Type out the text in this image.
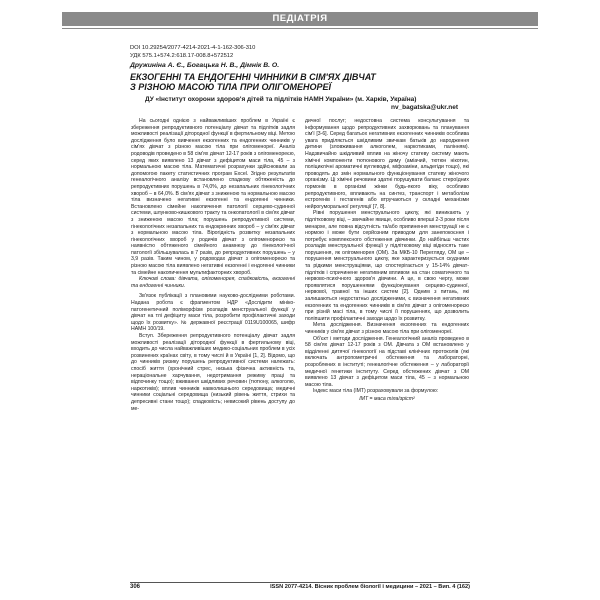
ПЕДІАТРІЯ
DOI 10.29254/2077-4214-2021-4-1-162-306-310
УДК 575.1+574.2:618.17-008.8+572512
Дружиніна А. Є., Богацька Н. В., Дімнік В. О.
ЕКЗОГЕННІ ТА ЕНДОГЕННІ ЧИННИКИ В СІМ'ЯХ ДІВЧАТ
З РІЗНОЮ МАСОЮ ТІЛА ПРИ ОЛІГОМЕНОРЕЇ
ДУ «Інститут охорони здоров'я дітей та підлітків НАМН України» (м. Харків, Україна)
nv_bagatska@ukr.net

На сьогодні однією з найважливіших проблем в Україні є збереження репродуктивного потенціалу дівчат та підлітків задля можливості реалізації дітородної функції в фертильному віці. Метою дослідження було вивчення екзогенних та ендогенних чинників у сім'ях дівчат з різною масою тіла при олігоменореї. Аналіз родоводів проведено в 58 сім'ях дівчат 12-17 років з олігоменореєю, серед яких виявлено 13 дівчат з дефіцитом маси тіла, 45 – з нормальною масою тіла. Математичні розрахунки здійснювали за допомогою пакету статистичних програм Excel. Згідно результатів генеалогічного аналізу встановлено спадкову обтяженість до репродуктивних порушень в 74,0%, до незапальних гінекологічних хвороб – в 64,0%. В сім'ях дівчат з зниженою та нормальною масою тіла визначено негативні екзогенні та ендогенні чинники. Встановлено сімейне накопичення патології серцево-судинної системи, шлунково-кишкового тракту та онкопатології в сім'ях дівчат з зниженою масою тіла; порушень репродуктивної системи, гінекологічних незапальних та ендокринних хвороб – у сім'ях дівчат з нормальною масою тіла. Вірогідність розвитку незапальних гінекологічних хвороб у родичів дівчат з олігоменореєю та наявністю обтяженого сімейного анамнезу до гінекологічної патології збільшувалась в 7 разів, до репродуктивних порушень – у 3,9 разів. Таким чином, у родоводах дівчат з олігоменореєю та різною масою тіла виявлено негативні екзогенні і ендогенні чинники та сімейне накопичення мультифакторних хвороб.

Ключові слова: дівчата, олігоменорея, спадковість, екзогенні та ендогенні чинники.

Зв'язок публікації з плановими науково-дослідними роботами. Надана робота є фрагментом НДР «Дослідити мініко-патогенетичний поліморфізм розладів менструальної функції у дівчат на тлі дефіциту маси тіла, розробити профілактичні заходи щодо їх розвитку». № державної реєстрації 0119U100065, шифр НАМН 100/19.

Вступ. Збереження репродуктивного потенціалу дівчат задля можливості реалізації дітородної функції в фертильному віці, входить до числа найважливіших медико-соціальних проблем в усіх розвинених країнах світу, в тому числі й в Україні [1, 2]. Відомо, що до чинників ризику порушень репродуктивної системи належать: спосіб життя (хронічний стрес, низька фізична активність та, нераціональне харчування, недотримання режиму праці та відпочинку тощо); вживання шкідливих речовин (тютюну, алкоголю, наркотиків); вплив чинників навколишнього середовища; медичні чинники соціальні середовища (низький рівень життя, стрихи та депресивні стани тощо); спадковість; невисокий рівень доступу до ме-

дичної послуг; недостовна система консультування та інформування щодо репродуктивних захворювань та планування сім'ї [3-6]. Серед багатьох негативних екзогенних чинників особлива увага приділяється шкідливим звичкам батьків до народження дитини (зловживання алкоголем, наркотиками, палінням). Надзвичайно шкідливий вплив на жіночу статеву систему мають хімічні компоненти тютюнового диму (аміачий, тютюн нікотин, поліциклічні ароматичні вуглеводні, міфоаміни, альдегіди тощо), які проводять до змін нормального функціонування статеву жіночого організму. Ці хімічні речовини здатні порушувати баланс стероїдних гормонів в організмі жінки будь-якого віку, особливо репродуктивного, впливають на синтез, транспорт і метаболізм естрогенів і гестагенів або втручаються у складні механізми нейрогуморальної регуляції [7, 8].

Рівні порушення менструального циклу, які виникають у підлітковому віці, – звичайне явище, особливо впершi 2-3 роки після менархе, але повна відсутність та/або припинення менструації не є нормою і може бути серйозним приводом для занепокоєння і потребує комплексного обстеження дівчинки. До найбільш частих розладів менструальної функції у підлітковому віці відносять таке порушення, як олігоменорея (ОМ). За МКБ-10 Перегляду, ОМ це – порушення менструального циклу, яке характеризується скудними та рідкими менструаціями, що спостерігається у 15-14% дівчат-підлітків і спричинене негативним впливом на стан соматичного та нервово-психічного здоров'я дівчини. А це, в свою чергу, може проявлятися порушеннями функціонування серцево-судинної, нервової, травної та інших систем [2]. Одним з питань, які залишаються недостатньо дослідженими, є визначення негативних екзогенних та ендогенних чинників в сім'ях дівчат з олігоменореєю при різній масі тіла, в тому числі її порушеннях, що дозволить поліпшити профілактичні заходи щодо їх розвитку.

Мета дослідження. Визначення екзогенних та ендогенних чинників у сім'ях дівчат з різною масою тіла при олігоменореї.

Об'єкт і методи дослідження. Генеалогічний аналіз проведено в 58 сім'ях дівчат 12-17 років з ОМ. Дівчата з ОМ встановлено у відділенні дитячої гінекології на підставі клінічних протоколів (які включать антропометричні обстеження та лабораторні, розроблених в інституті; генеалогічне обстеження – у лабораторії медичної генетики інституту. Серед обстежених дівчат з ОМ виявлено 13 дівчат з дефіцитом маси тіла, 45 – з нормальною масою тіла.

Індекс маси тіла (ІМТ) розраховували за формулою:

ІМТ = маса тіла/зріст²

306	ISSN 2077-4214. Вісник проблем біології і медицини – 2021 – Вип. 4 (162)
